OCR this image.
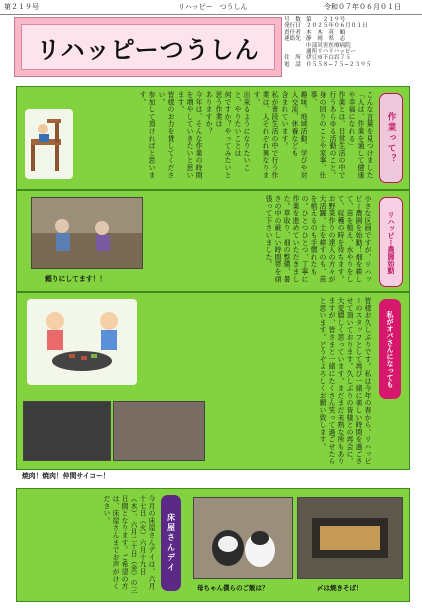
第２１９号	リハッピー　つうしん	令和０７年０６月０１日
リハッピーつうしん
号　数 第　　２１９号
発行日 ２０２５年０６月０１日
責任者 本　木　英　順
連絡先 静　岡　県　志
中部災害医療病院
通所リハリハッピー
住　所 伊豆市下白岩７５
電　話 ０５５８−７５−２３９５
こんな言葉を見つけました「人は、作業を通して健康や幸福になれる」
作業とは、日常生活の中で行うあらゆる活動のこと。
身の回りのことや家事、仕事、
趣味、地域活動、学びや対人交流、休養なども
含まれています。
私が普段生活の中で行う作業は、人それぞれ異なります。
出来るようになりたいこと、やりたいことは
何ですか？やってみたいと思う作業は
ありますか？
今年は、そんな作業の時間を増やしていきたいと思います。
皆様のお力を貸してください。
参加して頂ければと思います。
作業って？
頼りにしてます！！	小さな区画ですが、リハッピー農園を始動！畑を耕して、苗を植え、水やりをして、収穫の時を待ちます。お野菜作りの達人の方々が大活躍。土を耕すのも、苗を植えるのも手慣れたもの。ひとつひとつ、丁寧に作業を進めていただきました。草取り、畑の整備、暑さの中の厳しい時間帯を頑張って下さいました。	リハッピー農園始動
皆様お久しぶりです。私は今年の春から、リハッピーのスタッフとして再び一緒に楽しい時間を過ごさせて頂いております。久しぶりの皆様との再会に、大変嬉しく思っています。まだまだ未熟な所もありますが、皆さまと一緒にたくさん笑って過ごせたらと思います。どうぞよろしくお願い致します。	私がオバさんになっても
焼肉！焼肉！仲間サイコー！
今月の床屋さんデイは、六月十七日（火）六月十九日（木）、六月二十日（金）の三日間となります。ご希望の方は、床屋さんまでお声がけください。
床屋さんデイ
母ちゃん僕らのご飯は？	〆は焼きそば！
